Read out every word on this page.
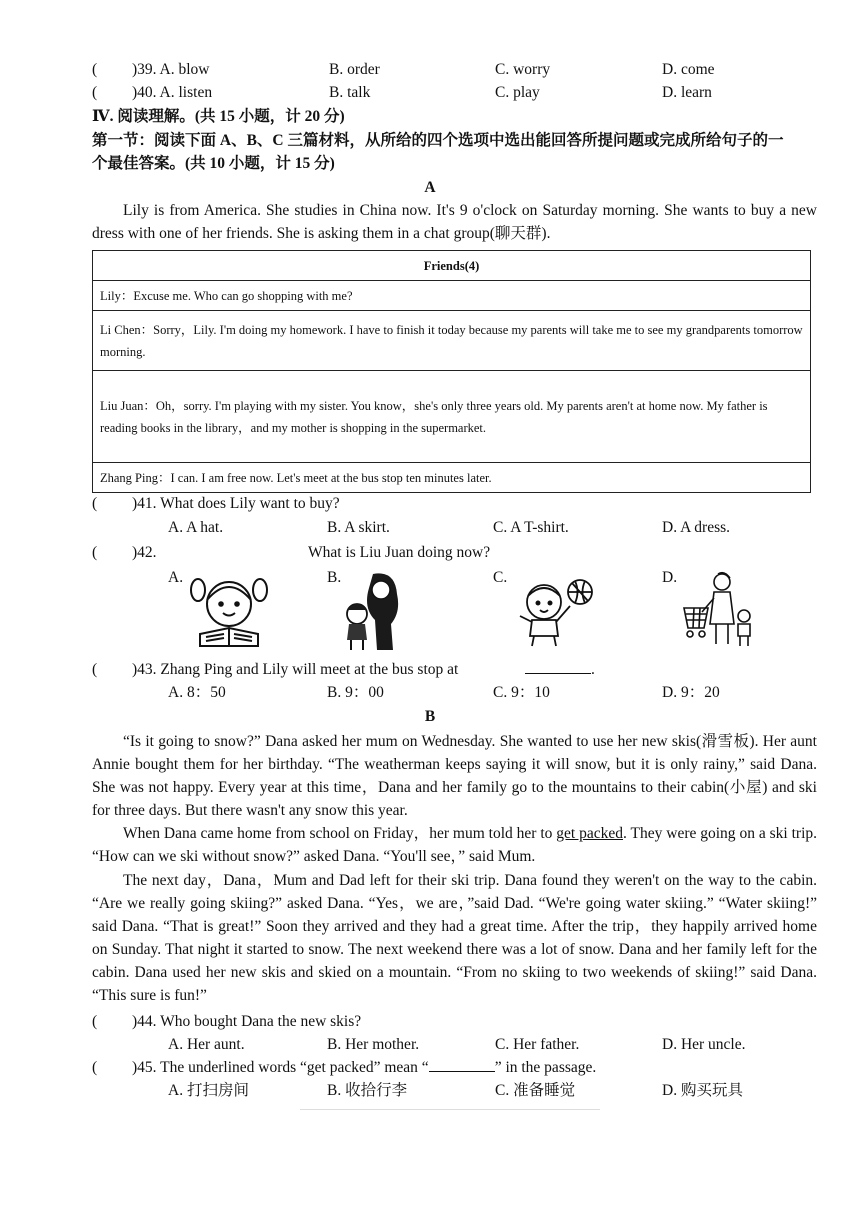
( )39. A. blow	B. order	C. worry	D. come
( )40. A. listen	B. talk	C. play	D. learn
Ⅳ. 阅读理解。(共 15 小题，计 20 分)
第一节：阅读下面 A、B、C 三篇材料，从所给的四个选项中选出能回答所提问题或完成所给句子的一
个最佳答案。(共 10 小题，计 15 分)
A
Lily is from America. She studies in China now. It's 9 o'clock on Saturday morning. She wants to buy a new dress with one of her friends. She is asking them in a chat group(聊天群).
Friends(4)
Lily：Excuse me. Who can go shopping with me?
Li Chen：Sorry，Lily. I'm doing my homework. I have to finish it today because my parents will take me to see my grandparents tomorrow morning.
Liu Juan：Oh，sorry. I'm playing with my sister. You know，she's only three years old. My parents aren't at home now. My father is reading books in the library，and my mother is shopping in the supermarket.
Zhang Ping：I can. I am free now. Let's meet at the bus stop ten minutes later.
( )41. What does Lily want to buy?
A. A hat.	B. A skirt.	C. A T-shirt.	D. A dress.
( )42.	What is Liu Juan doing now?
A.	B.	C.	D.
( )43. Zhang Ping and Lily will meet at the bus stop at	.
A. 8：50	B. 9：00	C. 9：10	D. 9：20
B
“Is it going to snow?” Dana asked her mum on Wednesday. She wanted to use her new skis(滑雪板). Her aunt Annie bought them for her birthday. “The weatherman keeps saying it will snow, but it is only rainy,” said Dana. She was not happy. Every year at this time，Dana and her family go to the mountains to their cabin(小屋) and ski for three days. But there wasn't any snow this year.
When Dana came home from school on Friday，her mum told her to get packed. They were going on a ski trip. “How can we ski without snow?” asked Dana. “You'll see，” said Mum.
The next day，Dana，Mum and Dad left for their ski trip. Dana found they weren't on the way to the cabin. “Are we really going skiing?” asked Dana. “Yes，we are，”said Dad. “We're going water skiing.” “Water skiing!” said Dana. “That is great!” Soon they arrived and they had a great time. After the trip，they happily arrived home on Sunday. That night it started to snow. The next weekend there was a lot of snow. Dana and her family left for the cabin. Dana used her new skis and skied on a mountain. “From no skiing to two weekends of skiing!” said Dana. “This sure is fun!”
( )44. Who bought Dana the new skis?
A. Her aunt.	B. Her mother.	C. Her father.	D. Her uncle.
( )45. The underlined words “get packed” mean “	” in the passage.
A. 打扫房间	B. 收拾行李	C. 准备睡觉	D. 购买玩具
